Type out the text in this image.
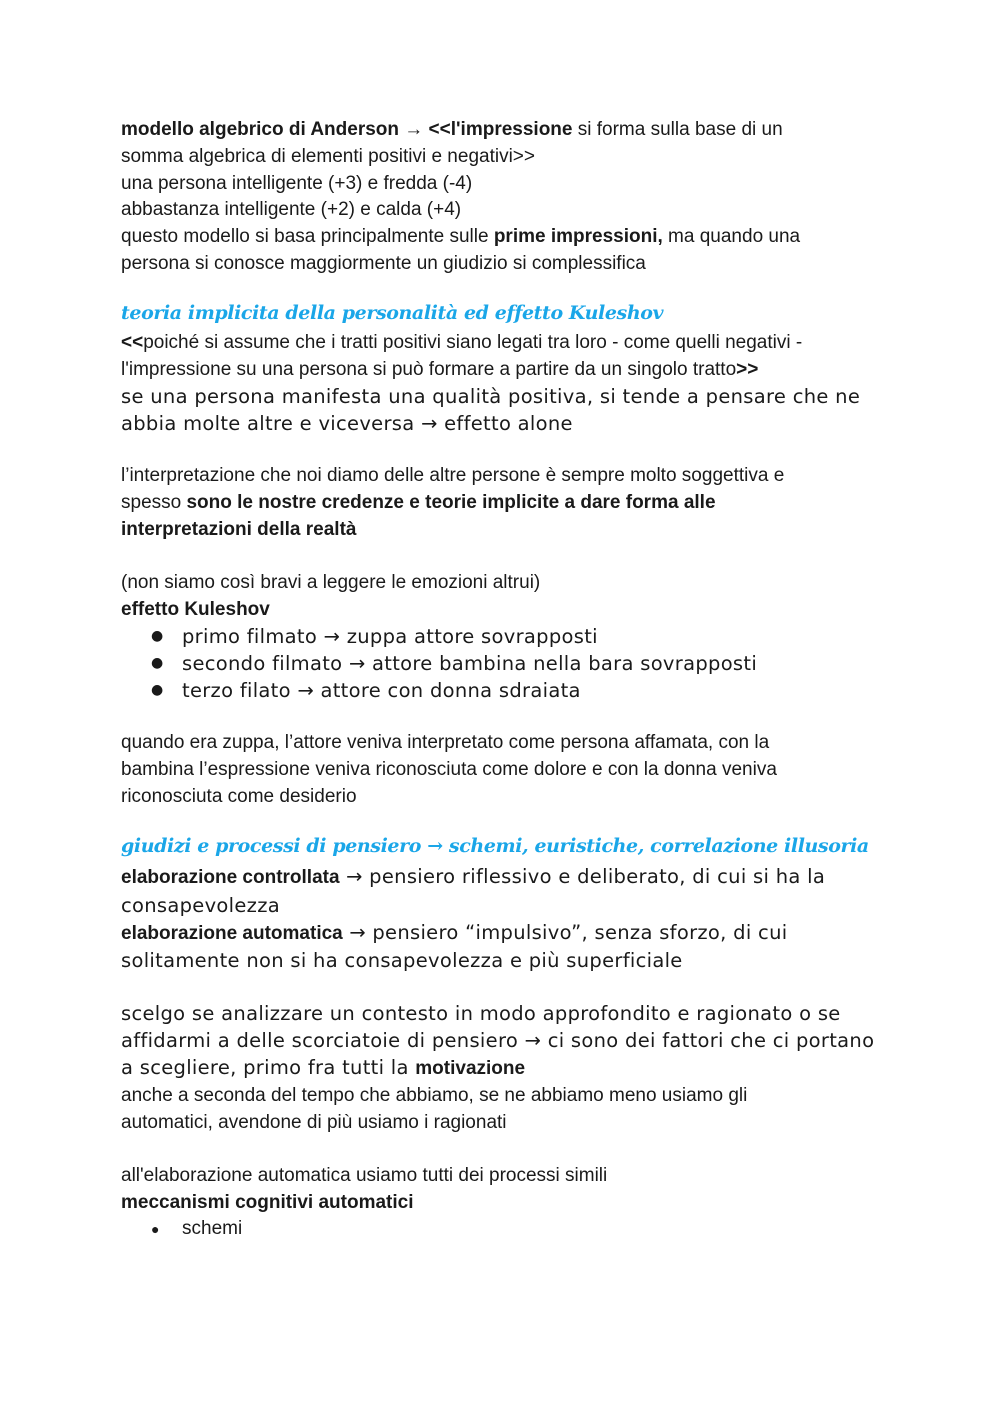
modello algebrico di Anderson → <<l'impressione si forma sulla base di un

somma algebrica di elementi positivi e negativi>>

una persona intelligente (+3) e fredda (-4)

abbastanza intelligente (+2) e calda (+4)

questo modello si basa principalmente sulle prime impressioni, ma quando una

persona si conosce maggiormente un giudizio si complessifica

teoria implicita della personalità ed effetto Kuleshov

<<poiché si assume che i tratti positivi siano legati tra loro - come quelli negativi -

l'impressione su una persona si può formare a partire da un singolo tratto>>

se una persona manifesta una qualità positiva, si tende a pensare che ne

abbia molte altre e viceversa → effetto alone

l’interpretazione che noi diamo delle altre persone è sempre molto soggettiva e

spesso sono le nostre credenze e teorie implicite a dare forma alle

interpretazioni della realtà

(non siamo così bravi a leggere le emozioni altrui)

effetto Kuleshov

● primo filmato → zuppa attore sovrapposti
● secondo filmato → attore bambina nella bara sovrapposti
● terzo filato → attore con donna sdraiata

quando era zuppa, l’attore veniva interpretato come persona affamata, con la

bambina l’espressione veniva riconosciuta come dolore e con la donna veniva

riconosciuta come desiderio

giudizi e processi di pensiero → schemi, euristiche, correlazione illusoria

elaborazione controllata → pensiero riflessivo e deliberato, di cui si ha la

consapevolezza

elaborazione automatica → pensiero “impulsivo”, senza sforzo, di cui

solitamente non si ha consapevolezza e più superficiale

scelgo se analizzare un contesto in modo approfondito e ragionato o se

affidarmi a delle scorciatoie di pensiero → ci sono dei fattori che ci portano

a scegliere, primo fra tutti la motivazione

anche a seconda del tempo che abbiamo, se ne abbiamo meno usiamo gli

automatici, avendone di più usiamo i ragionati

all'elaborazione automatica usiamo tutti dei processi simili

meccanismi cognitivi automatici

● schemi
